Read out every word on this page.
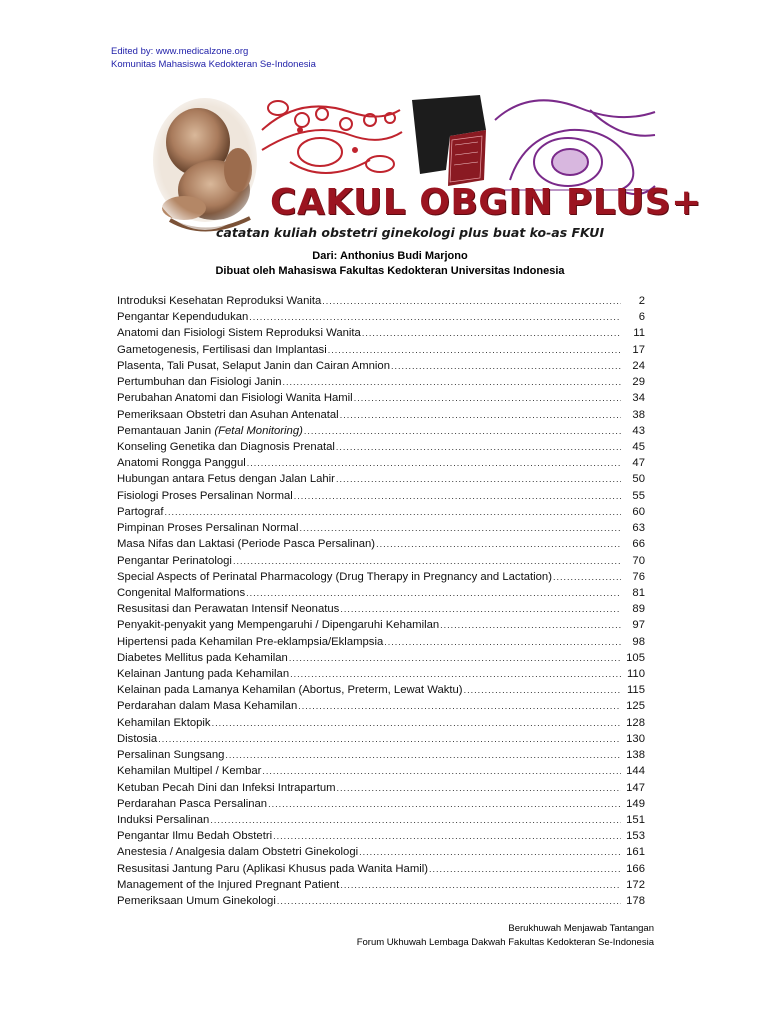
Edited by: www.medicalzone.org
Komunitas Mahasiswa Kedokteran Se-Indonesia
CAKUL OBGIN PLUS+
catatan kuliah obstetri ginekologi plus buat ko-as FKUI
Dari: Anthonius Budi Marjono
Dibuat oleh Mahasiswa Fakultas Kedokteran Universitas Indonesia
Introduksi Kesehatan Reproduksi Wanita .....	2
Pengantar Kependudukan .....	6
Anatomi dan Fisiologi Sistem Reproduksi Wanita .....	11
Gametogenesis, Fertilisasi dan Implantasi .....	17
Plasenta, Tali Pusat, Selaput Janin dan Cairan Amnion .....	24
Pertumbuhan dan Fisiologi Janin .....	29
Perubahan Anatomi dan Fisiologi Wanita Hamil .....	34
Pemeriksaan Obstetri dan Asuhan Antenatal .....	38
Pemantauan Janin (Fetal Monitoring) .....	43
Konseling Genetika dan Diagnosis Prenatal .....	45
Anatomi Rongga Panggul .....	47
Hubungan antara Fetus dengan Jalan Lahir .....	50
Fisiologi Proses Persalinan Normal .....	55
Partograf .....	60
Pimpinan Proses Persalinan Normal .....	63
Masa Nifas dan Laktasi (Periode Pasca Persalinan) .....	66
Pengantar Perinatologi .....	70
Special Aspects of Perinatal Pharmacology (Drug Therapy in Pregnancy and Lactation) .....	76
Congenital Malformations .....	81
Resusitasi dan Perawatan Intensif Neonatus .....	89
Penyakit-penyakit yang Mempengaruhi / Dipengaruhi Kehamilan .....	97
Hipertensi pada Kehamilan Pre-eklampsia/Eklampsia .....	98
Diabetes Mellitus pada Kehamilan .....	105
Kelainan Jantung pada Kehamilan .....	110
Kelainan pada Lamanya Kehamilan (Abortus, Preterm, Lewat Waktu) .....	115
Perdarahan dalam Masa Kehamilan .....	125
Kehamilan Ektopik .....	128
Distosia .....	130
Persalinan Sungsang .....	138
Kehamilan Multipel / Kembar .....	144
Ketuban Pecah Dini dan Infeksi Intrapartum .....	147
Perdarahan Pasca Persalinan .....	149
Induksi Persalinan .....	151
Pengantar Ilmu Bedah Obstetri .....	153
Anestesia / Analgesia dalam Obstetri Ginekologi .....	161
Resusitasi Jantung Paru (Aplikasi Khusus pada Wanita Hamil) .....	166
Management of the Injured Pregnant Patient .....	172
Pemeriksaan Umum Ginekologi .....	178
Berukhuwah Menjawab Tantangan
Forum Ukhuwah Lembaga Dakwah Fakultas Kedokteran Se-Indonesia
